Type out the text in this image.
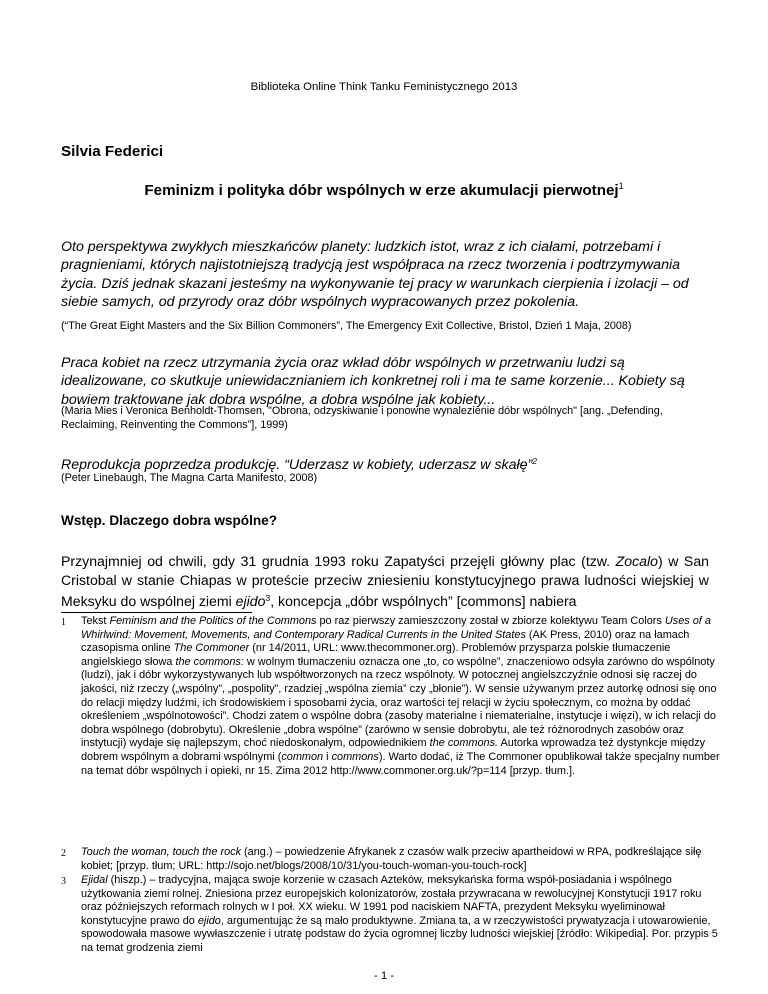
Biblioteka Online Think Tanku Feministycznego 2013
Silvia Federici
Feminizm i polityka dóbr wspólnych w erze akumulacji pierwotnej$^1$
Oto perspektywa zwykłych mieszkańców planety: ludzkich istot, wraz z ich ciałami, potrzebami i pragnieniami, których najistotniejszą tradycją jest współpraca na rzecz tworzenia i podtrzymywania życia. Dziś jednak skazani jesteśmy na wykonywanie tej pracy w warunkach cierpienia i izolacji – od siebie samych, od przyrody oraz dóbr wspólnych wypracowanych przez pokolenia.
(“The Great Eight Masters and the Six Billion Commoners”, The Emergency Exit Collective, Bristol, Dzień 1 Maja, 2008)
Praca kobiet na rzecz utrzymania życia oraz wkład dóbr wspólnych w przetrwaniu ludzi są idealizowane, co skutkuje uniewidacznianiem ich konkretnej roli i ma te same korzenie... Kobiety są bowiem traktowane jak dobra wspólne, a dobra wspólne jak kobiety...
(Maria Mies i Veronica Benholdt-Thomsen, "Obrona, odzyskiwanie i ponowne wynalezienie dóbr wspólnych" [ang. „Defending, Reclaiming, Reinventing the Commons”], 1999)
Reprodukcja poprzedza produkcję. “Uderzasz w kobiety, uderzasz w skałę”$^2$
(Peter Linebaugh, The Magna Carta Manifesto, 2008)
Wstęp. Dlaczego dobra wspólne?
Przynajmniej od chwili, gdy 31 grudnia 1993 roku Zapatyści przejęli główny plac (tzw. Zocalo) w San Cristobal w stanie Chiapas w proteście przeciw zniesieniu konstytucyjnego prawa ludności wiejskiej w Meksyku do wspólnej ziemi ejido$^3$, koncepcja „dóbr wspólnych” [commons] nabiera
1 Tekst Feminism and the Politics of the Commons po raz pierwszy zamieszczony został w zbiorze kolektywu Team Colors Uses of a Whirlwind: Movement, Movements, and Contemporary Radical Currents in the United States (AK Press, 2010) oraz na łamach czasopisma online The Commoner (nr 14/2011, URL: www.thecommoner.org). Problemów przysparza polskie tłumaczenie angielskiego słowa the commons: w wolnym tłumaczeniu oznacza one „to, co wspólne”, znaczeniowo odsyła zarówno do wspólnoty (ludzi), jak i dóbr wykorzystywanych lub współtworzonych na rzecz wspólnoty. W potocznej angielszczyźnie odnosi się raczej do jakości, niż rzeczy („wspólny”, „pospolity”, rzadziej „wspólna ziemia” czy „błonie”). W sensie używanym przez autorkę odnosi się ono do relacji między ludźmi, ich środowiskiem i sposobami życia, oraz wartości tej relacji w życiu społecznym, co można by oddać określeniem „wspólnotowości”. Chodzi zatem o wspólne dobra (zasoby materialne i niematerialne, instytucje i więzi), w ich relacji do dobra wspólnego (dobrobytu). Określenie „dobra wspólne” (zarówno w sensie dobrobytu, ale też różnorodnych zasobów oraz instytucji) wydaje się najlepszym, choć niedoskonałym, odpowiednikiem the commons. Autorka wprowadza też dystynkcje między dobrem wspólnym a dobrami wspólnymi (common i commons). Warto dodać, iż The Commoner opublikował także specjalny number na temat dóbr wspólnych i opieki, nr 15. Zima 2012 http://www.commoner.org.uk/?p=114 [przyp. tłum.].
2 Touch the woman, touch the rock (ang.) – powiedzenie Afrykanek z czasów walk przeciw apartheidowi w RPA, podkreślające siłę kobiet; [przyp. tłum; URL: http://sojo.net/blogs/2008/10/31/you-touch-woman-you-touch-rock]
3 Ejidal (hiszp.) – tradycyjna, mająca swoje korzenie w czasach Azteków, meksykańska forma współ-posiadania i wspólnego użytkowania ziemi rolnej. Zniesiona przez europejskich kolonizatorów, została przywracana w rewolucyjnej Konstytucji 1917 roku oraz późniejszych reformach rolnych w I poł. XX wieku. W 1991 pod naciskiem NAFTA, prezydent Meksyku wyeliminował konstytucyjne prawo do ejido, argumentując że są mało produktywne. Zmiana ta, a w rzeczywistości prywatyzacja i utowarowienie, spowodowała masowe wywłaszczenie i utratę podstaw do życia ogromnej liczby ludności wiejskiej [źródło: Wikipedia]. Por. przypis 5 na temat grodzenia ziemi
- 1 -
